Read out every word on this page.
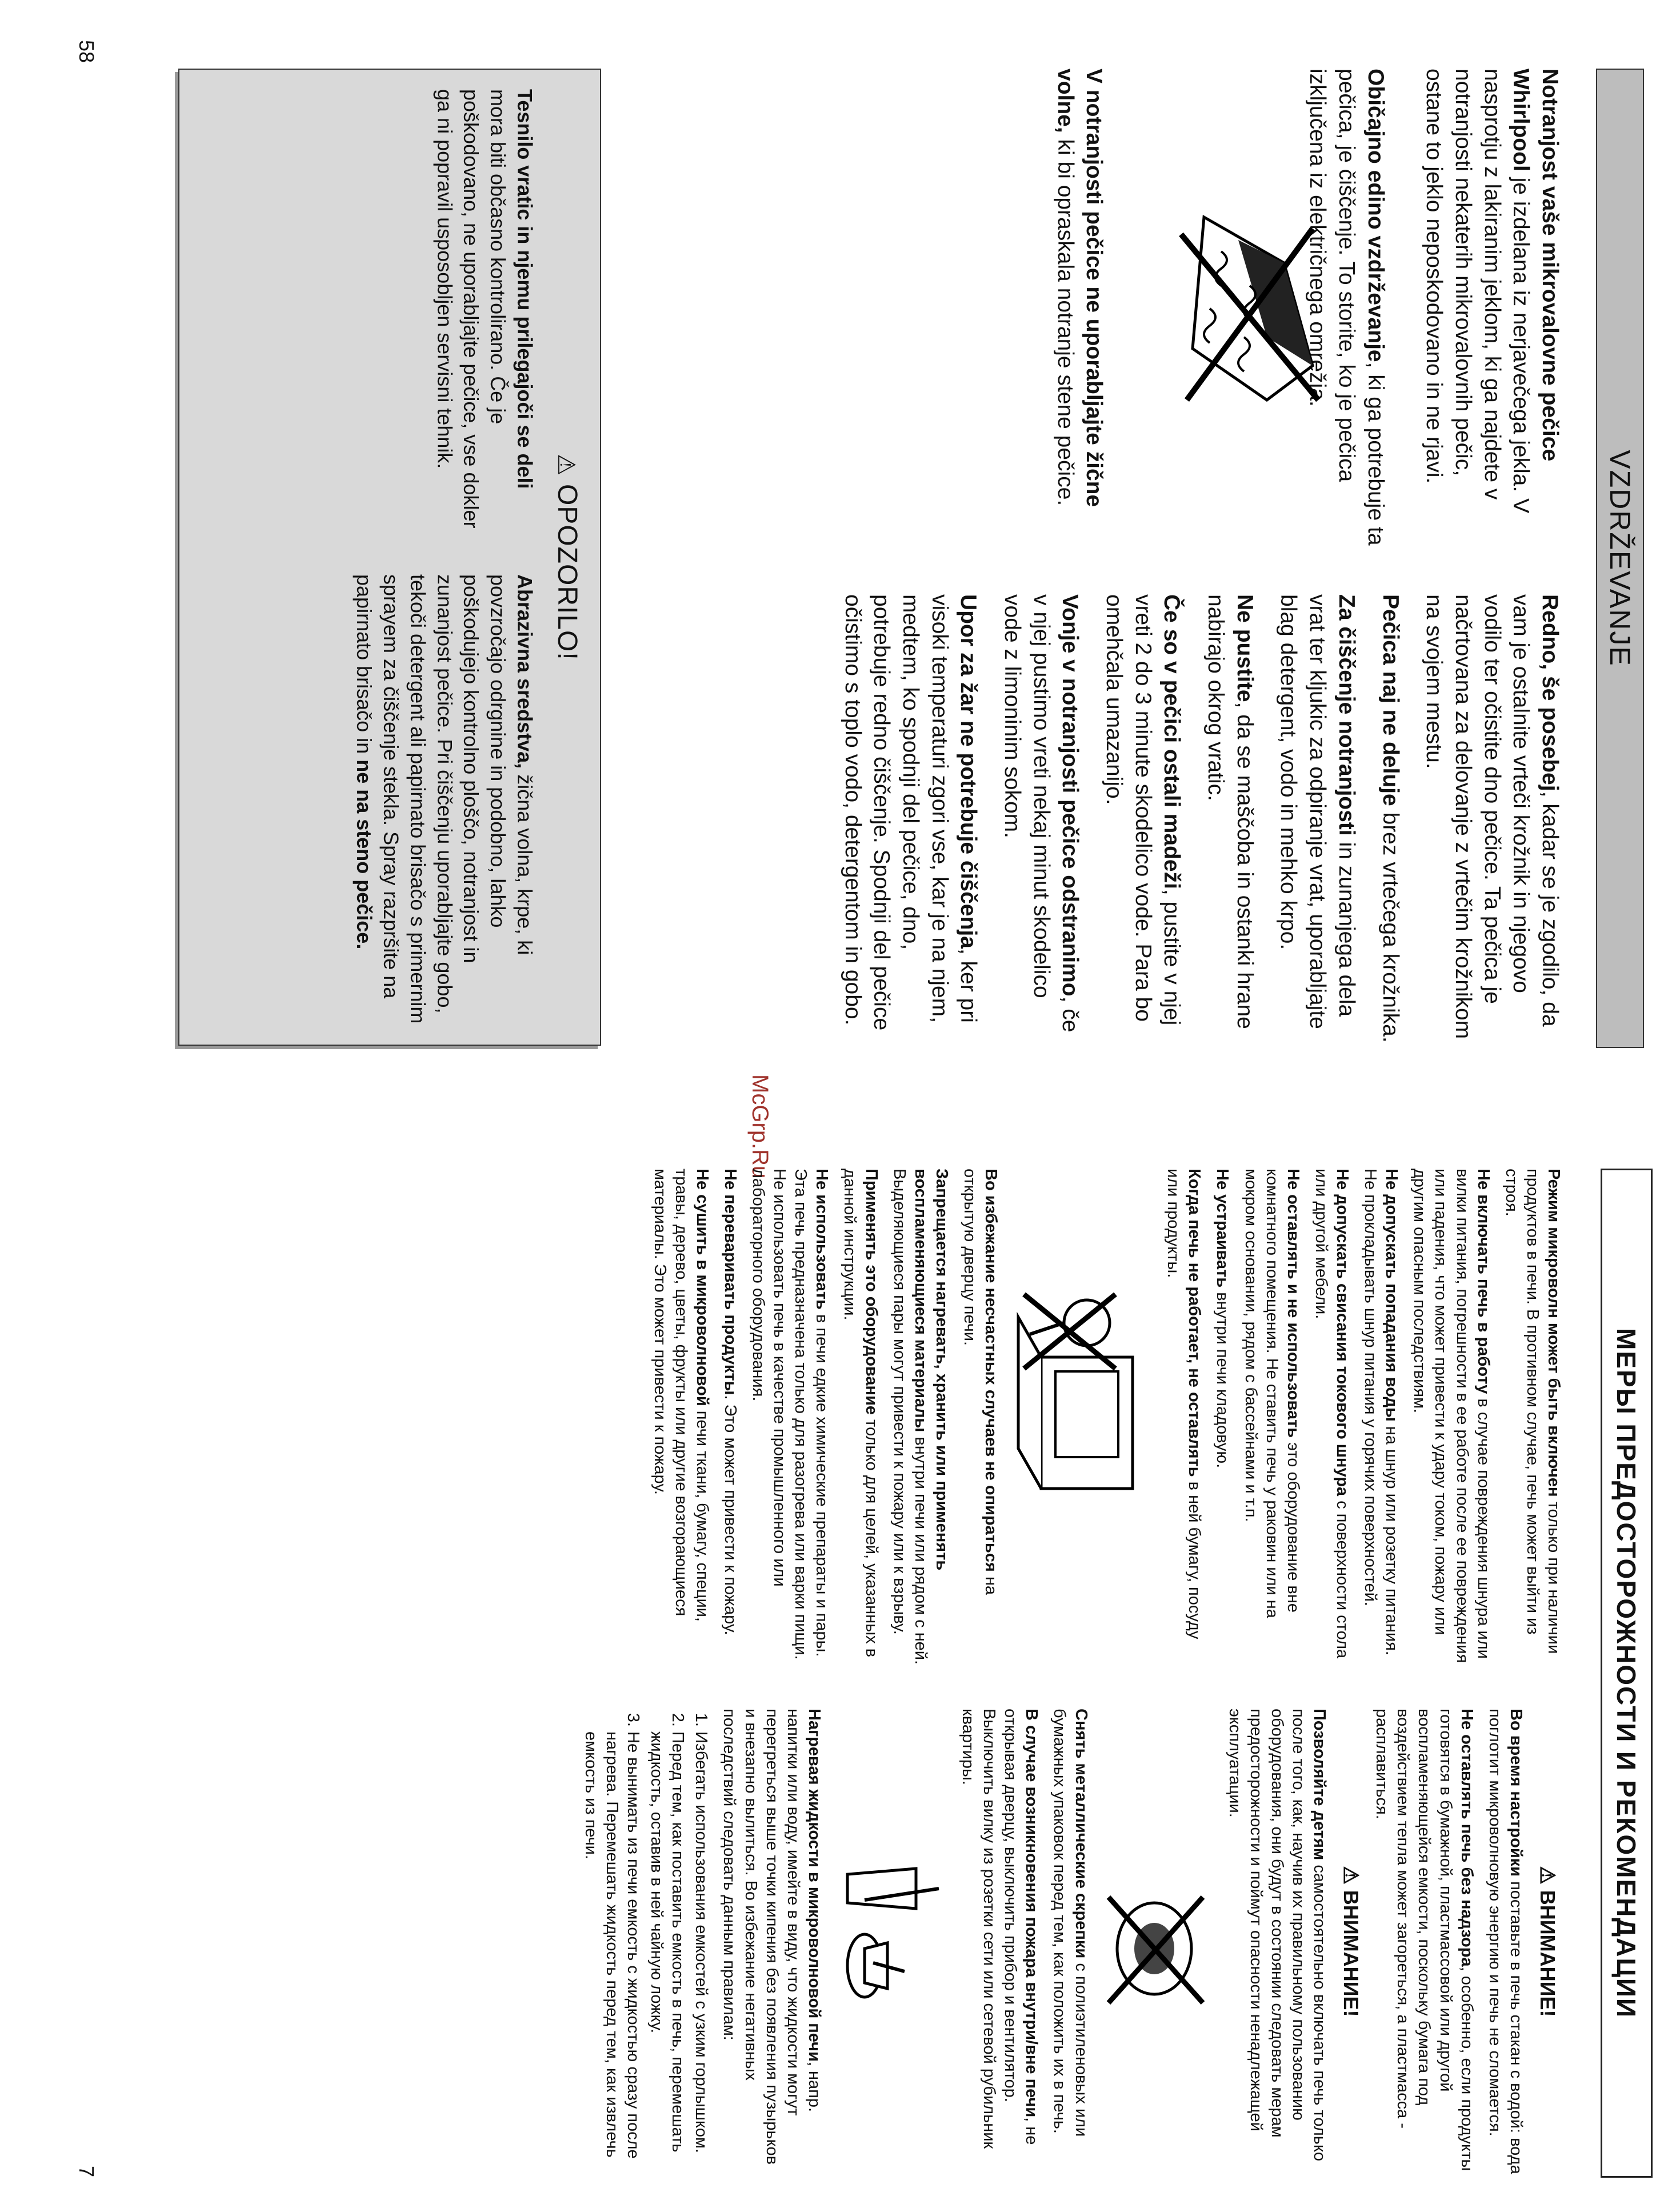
VZDRŽEVANJE

Notranjost vaše mikrovalovne pečice Whirlpool je izdelana iz nerjavečega jekla. V nasprotju z lakiranim jeklom, ki ga najdete v notranjosti nekaterih mikrovalovnih pečic, ostane to jeklo neposkodovano in ne rjavi.

Običajno edino vzdrževanje, ki ga potrebuje ta pečica, je čiščenje. To storite, ko je pečica izključena iz električnega omrežja.

V notranjosti pečice ne uporabljajte žične volne, ki bi opraskala notranje stene pečice.

Redno, še posebej, kadar se je zgodilo, da vam je ostalnite vrteči krožnik in njegovo vodilo ter očistite dno pečice. Ta pečica je načrtovana za delovanje z vrtečim krožnikom na svojem mestu.

Pečica naj ne deluje brez vrtečega krožnika.

Za čiščenje notranjosti in zunanjega dela vrat ter kljukic za odpiranje vrat, uporabljajte blag detergent, vodo in mehko krpo.

Ne pustite, da se maščoba in ostanki hrane nabirajo okrog vratic.

Če so v pečici ostali madeži, pustite v njej vreti 2 do 3 minute skodelico vode. Para bo omehčala umazanijo.

Vonje v notranjosti pečice odstranimo, če v njej pustimo vreti nekaj minut skodelico vode z limoninim sokom.

Upor za žar ne potrebuje čiščenja, ker pri visoki temperaturi zgori vse, kar je na njem, medtem, ko spodnji del pečice, dno, potrebuje redno čiščenje. Spodnji del pečice očistimo s toplo vodo, detergentom in gobo.

⚠OPOZORILO!
Tesnilo vratic in njemu prilegajoči se deli mora biti občasno kontrolirano. Če je poškodovano, ne uporabljajte pečice, vse dokler ga ni popravil usposobljen servisni tehnik.
Abrazivna sredstva, žična volna, krpe, ki povzročajo odrgnine in podobno, lahko poškodujejo kontrolno ploščo, notranjost in zunanjost pečice. Pri čiščenju uporabljajte gobo, tekoči detergent ali papirnato brisačo s primernim sprayem za čiščenje stekla. Spray razpršite na papirnato brisačo in ne na steno pečice.
58
McGrp.Ru
МЕРЫ ПРЕДОСТОРОЖНОСТИ И РЕКОМЕНДАЦИИ

Режим микроволн может быть включен только при наличии продуктов в печи. В противном случае, печь может выйти из строя.

Не включать печь в работу в случае повреждения шнура или вилки питания, погрешности в ее работе после ее повреждения или падения, что может привести к удару током, пожару или другим опасным последствиям.

Не допускать попадания воды на шнур или розетку питания. Не прокладывать шнур питания у горячих поверхностей.

Не допускать свисания токового шнура с поверхности стола или другой мебели.

Не оставлять и не использовать это оборудование вне комнатного помещения. Не ставить печь у раковин или на мокром основании, рядом с бассейнами и т.п.

Не устраивать внутри печи кладовую.

Когда печь не работает, не оставлять в ней бумагу, посуду или продукты.

Во избежание несчастных случаев не опираться на открытую дверцу печи.

Запрещается нагревать, хранить или применять воспламеняющиеся материалы внутри печи или рядом с ней. Выделяющиеся пары могут привести к пожару или к взрыву.

Применять это оборудование только для целей, указанных в данной инструкции.

Не использовать в печи едкие химические препараты и пары. Эта печь предназначена только для разогрева или варки пищи. Не использовать печь в качестве промышленного или лабораторного оборудования.

Не переваривать продукты. Это может привести к пожару.

Не сушить в микроволновой печи ткани, бумагу, специи, травы, дерево, цветы, фрукты или другие возгорающиеся материалы. Это может привести к пожару.

⚠ ВНИМАНИЕ!

Во время настройки поставьте в печь стакан с водой: вода поглотит микроволновую энергию и печь не сломается.

Не оставлять печь без надзора, особенно, если продукты готовятся в бумажной, пластмассовой или другой воспламеняющейся емкости, поскольку бумага под воздействием тепла может загореться, а пластмасса - расплавиться.

⚠ ВНИМАНИЕ!

Позволяйте детям самостоятельно включать печь только после того, как, научив их правильному пользованию оборудования, они будут в состоянии следовать мерам предосторожности и поймут опасности ненадлежащей эксплуатации.

Снять металлические скрепки с полиэтиленовых или бумажных упаковок перед тем, как положить их в печь.

В случае возникновения пожара внутри/вне печи, не открывая дверцу, выключить прибор и вентилятор. Выключить вилку из розетки сети или сетевой рубильник квартиры.

Нагревая жидкости в микроволновой печи, напр. напитки или воду, имейте в виду, что жидкости могут перегреться выше точки кипения без появления пузырьков и внезапно вылиться. Во избежание негативных последствий следовать данным правилам:

1. Избегать использования емкостей с узким горлышком.
2. Перед тем, как поставить емкость в печь, перемешать жидкость, оставив в ней чайную ложку.
3. Не вынимать из печи емкость с жидкостью сразу после нагрева. Перемешать жидкость перед тем, как извлечь емкость из печи.
7
